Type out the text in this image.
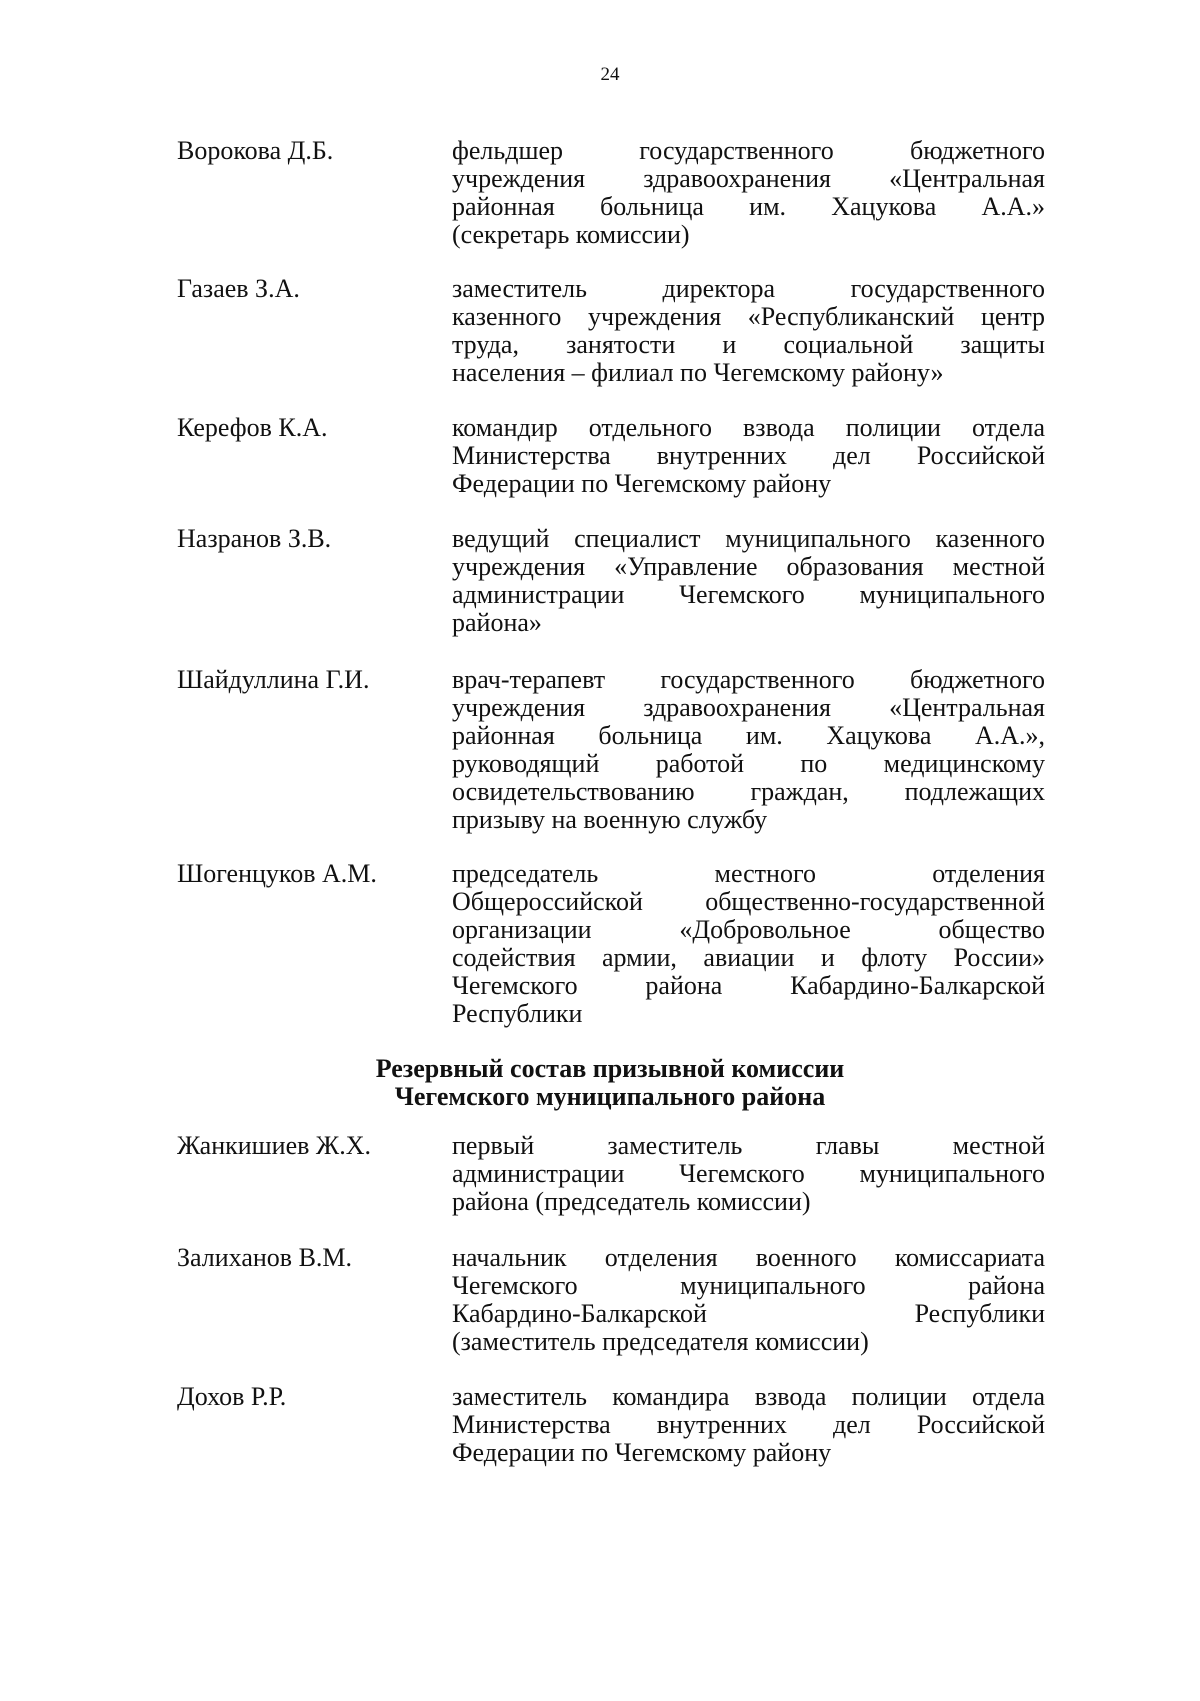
24
Ворокова Д.Б.	фельдшер государственного бюджетного
учреждения здравоохранения «Центральная
районная больница им. Хацукова А.А.»
(секретарь комиссии)
Газаев З.А.	заместитель директора государственного
казенного учреждения «Республиканский центр
труда, занятости и социальной защиты
населения – филиал по Чегемскому району»
Керефов К.А.	командир отдельного взвода полиции отдела
Министерства внутренних дел Российской
Федерации по Чегемскому району
Назранов З.В.	ведущий специалист муниципального казенного
учреждения «Управление образования местной
администрации Чегемского муниципального
района»
Шайдуллина Г.И.	врач-терапевт государственного бюджетного
учреждения здравоохранения «Центральная
районная больница им. Хацукова А.А.»,
руководящий работой по медицинскому
освидетельствованию граждан, подлежащих
призыву на военную службу
Шогенцуков А.М.	председатель местного отделения
Общероссийской общественно-государственной
организации «Добровольное общество
содействия армии, авиации и флоту России»
Чегемского района Кабардино-Балкарской
Республики
Резервный состав призывной комиссии
Чегемского муниципального района
Жанкишиев Ж.Х.	первый заместитель главы местной
администрации Чегемского муниципального
района (председатель комиссии)
Залиханов В.М.	начальник отделения военного комиссариата
Чегемского муниципального района
Кабардино-Балкарской Республики
(заместитель председателя комиссии)
Дохов Р.Р.	заместитель командира взвода полиции отдела
Министерства внутренних дел Российской
Федерации по Чегемскому району
